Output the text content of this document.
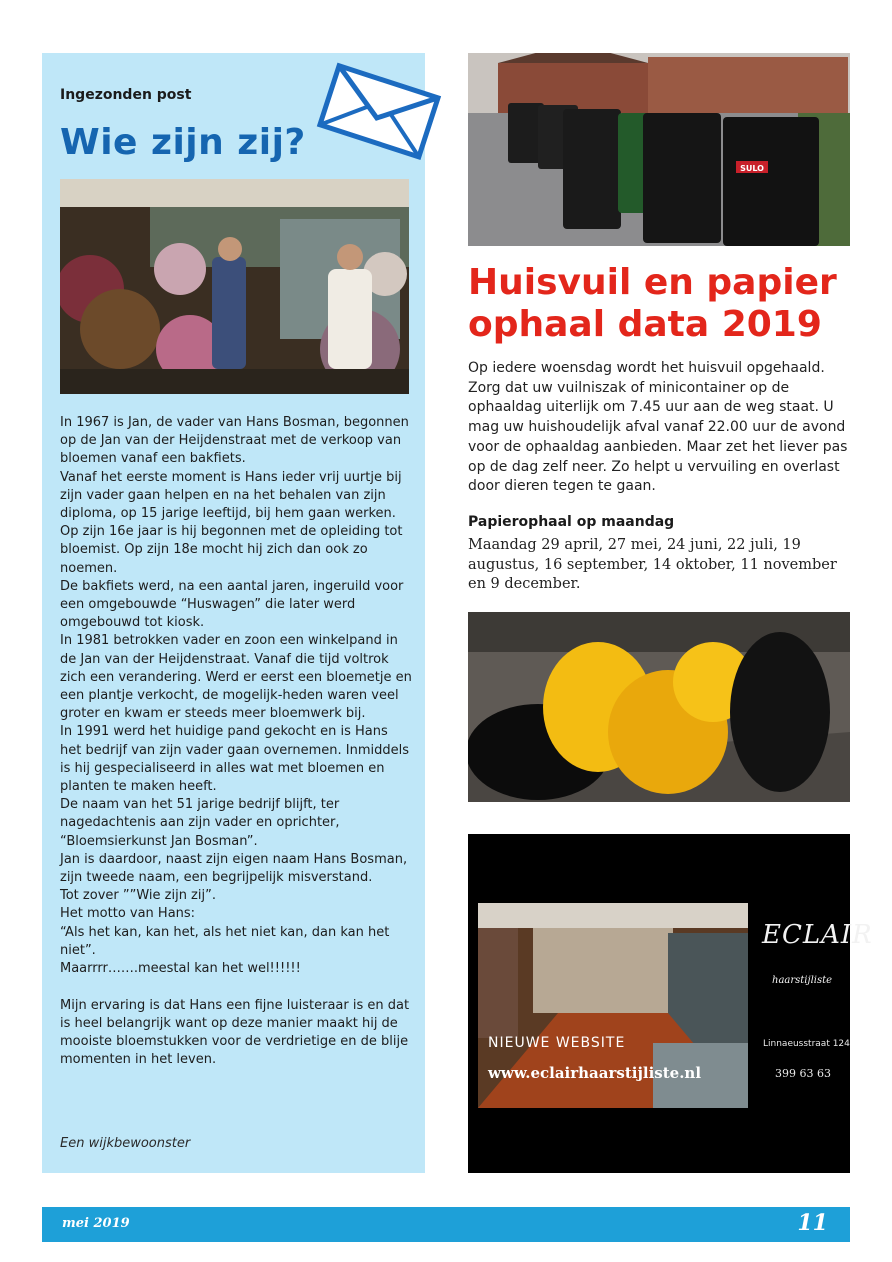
Ingezonden post
Wie zijn zij?

In 1967 is Jan, de vader van Hans Bosman, begonnen op de Jan van der Heijdenstraat met de verkoop van bloemen vanaf een bakfiets.

Vanaf het eerste moment is Hans ieder vrij uurtje bij zijn vader gaan helpen en na het behalen van zijn diploma, op 15 jarige leeftijd, bij hem gaan werken.

Op zijn 16e jaar is hij begonnen met de opleiding tot bloemist. Op zijn 18e mocht hij zich dan ook zo noemen.

De bakfiets werd, na een aantal jaren, ingeruild voor een omgebouwde “Huswagen” die later werd omgebouwd tot kiosk.

In 1981 betrokken vader en zoon een winkelpand in de Jan van der Heijdenstraat. Vanaf die tijd voltrok zich een verandering. Werd er eerst een bloemetje en een plantje verkocht, de mogelijk-heden waren veel groter en kwam er steeds meer bloemwerk bij.

In 1991 werd het huidige pand gekocht en is Hans het bedrijf van zijn vader gaan overnemen. Inmiddels is hij gespecialiseerd in alles wat met bloemen en planten te maken heeft.

De naam van het 51 jarige bedrijf blijft, ter nagedachtenis aan zijn vader en oprichter, “Bloemsierkunst Jan Bosman”.

Jan is daardoor, naast zijn eigen naam Hans Bosman, zijn tweede naam, een begrijpelijk misverstand.

Tot zover ””Wie zijn zij”.

Het motto van Hans:

“Als het kan, kan het, als het niet kan, dan kan het niet”.

Maarrrr…….meestal kan het wel!!!!!!

Mijn ervaring is dat Hans een fijne luisteraar is en dat is heel belangrijk want op deze manier maakt hij de mooiste bloemstukken voor de verdrietige en de blije momenten in het leven.

Een wijkbewoonster
SULO
Huisvuil en papier ophaal data 2019
Op iedere woensdag wordt het huisvuil opgehaald. Zorg dat uw vuilniszak of minicontainer op de ophaaldag uiterlijk om 7.45 uur aan de weg staat. U mag uw huishoudelijk afval vanaf 22.00 uur de avond voor de ophaaldag aanbieden. Maar zet het liever pas op de dag zelf neer. Zo helpt u vervuiling en overlast door dieren tegen te gaan.
Papierophaal op maandag
Maandag 29 april, 27 mei, 24 juni, 22 juli, 19 augustus, 16 september, 14 oktober, 11 november en 9 december.
ECLAIR
haarstijliste
Linnaeusstraat 124
399 63 63
NIEUWE WEBSITE
www.eclairhaarstijliste.nl
mei 2019	11
